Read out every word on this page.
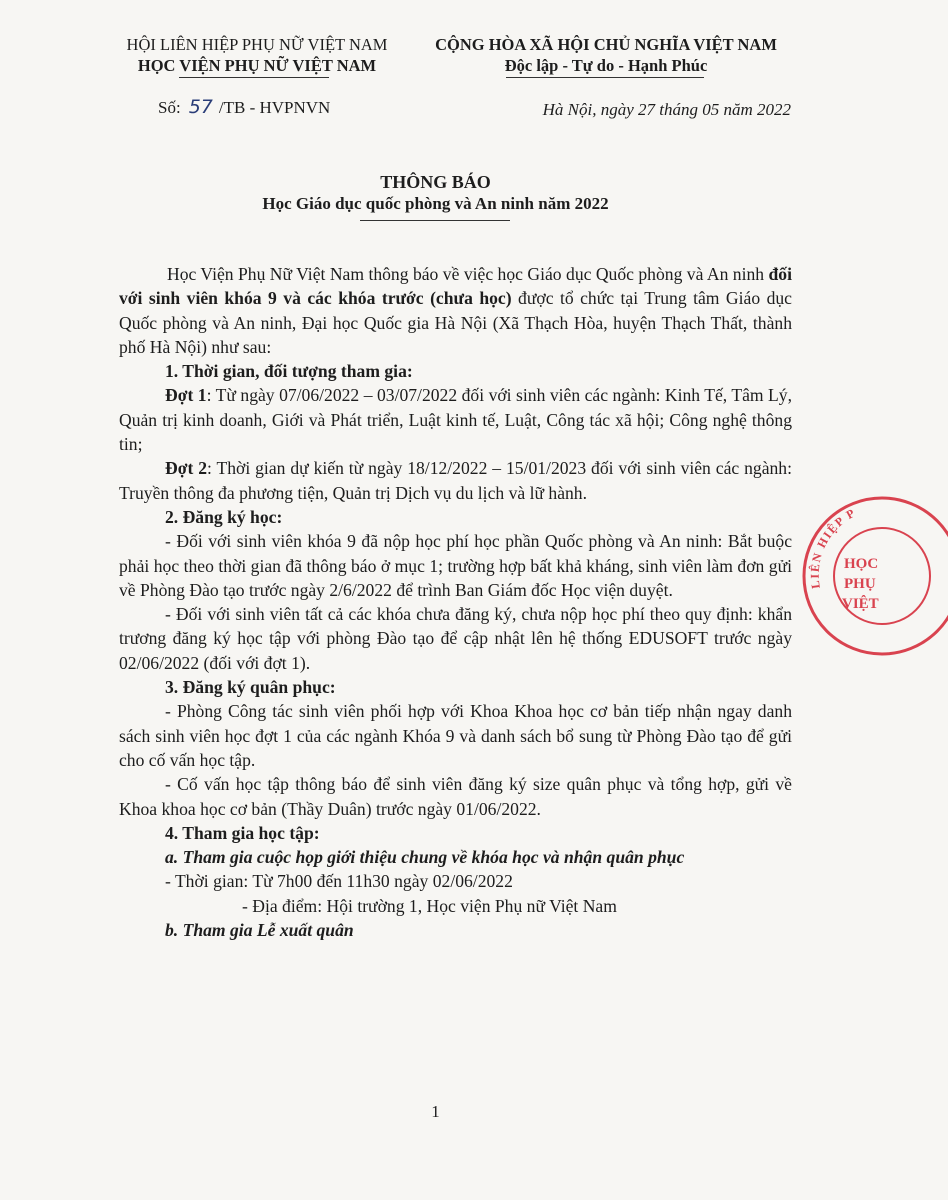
HỘI LIÊN HIỆP PHỤ NỮ VIỆT NAM
HỌC VIỆN PHỤ NỮ VIỆT NAM
CỘNG HÒA XÃ HỘI CHỦ NGHĨA VIỆT NAM
Độc lập - Tự do - Hạnh Phúc
Số: 57 /TB - HVPNVN	Hà Nội, ngày 27 tháng 05 năm 2022
THÔNG BÁO
Học Giáo dục quốc phòng và An ninh năm 2022

Học Viện Phụ Nữ Việt Nam thông báo về việc học Giáo dục Quốc phòng và An ninh đối với sinh viên khóa 9 và các khóa trước (chưa học) được tổ chức tại Trung tâm Giáo dục Quốc phòng và An ninh, Đại học Quốc gia Hà Nội (Xã Thạch Hòa, huyện Thạch Thất, thành phố Hà Nội) như sau:

1. Thời gian, đối tượng tham gia:

Đợt 1: Từ ngày 07/06/2022 – 03/07/2022 đối với sinh viên các ngành: Kinh Tế, Tâm Lý, Quản trị kinh doanh, Giới và Phát triển, Luật kinh tế, Luật, Công tác xã hội; Công nghệ thông tin;

Đợt 2: Thời gian dự kiến từ ngày 18/12/2022 – 15/01/2023 đối với sinh viên các ngành: Truyền thông đa phương tiện, Quản trị Dịch vụ du lịch và lữ hành.

2. Đăng ký học:

- Đối với sinh viên khóa 9 đã nộp học phí học phần Quốc phòng và An ninh: Bắt buộc phải học theo thời gian đã thông báo ở mục 1; trường hợp bất khả kháng, sinh viên làm đơn gửi về Phòng Đào tạo trước ngày 2/6/2022 để trình Ban Giám đốc Học viện duyệt.

- Đối với sinh viên tất cả các khóa chưa đăng ký, chưa nộp học phí theo quy định: khẩn trương đăng ký học tập với phòng Đào tạo để cập nhật lên hệ thống EDUSOFT trước ngày 02/06/2022 (đối với đợt 1).

3. Đăng ký quân phục:

- Phòng Công tác sinh viên phối hợp với Khoa Khoa học cơ bản tiếp nhận ngay danh sách sinh viên học đợt 1 của các ngành Khóa 9 và danh sách bổ sung từ Phòng Đào tạo để gửi cho cố vấn học tập.

- Cố vấn học tập thông báo để sinh viên đăng ký size quân phục và tổng hợp, gửi về Khoa khoa học cơ bản (Thầy Duân) trước ngày 01/06/2022.

4. Tham gia học tập:

a. Tham gia cuộc họp giới thiệu chung về khóa học và nhận quân phục

- Thời gian: Từ 7h00 đến 11h30 ngày 02/06/2022

- Địa điểm: Hội trường 1, Học viện Phụ nữ Việt Nam

b. Tham gia Lễ xuất quân

1
LIÊN HIỆP P
HỌC
PHỤ
VIỆT
